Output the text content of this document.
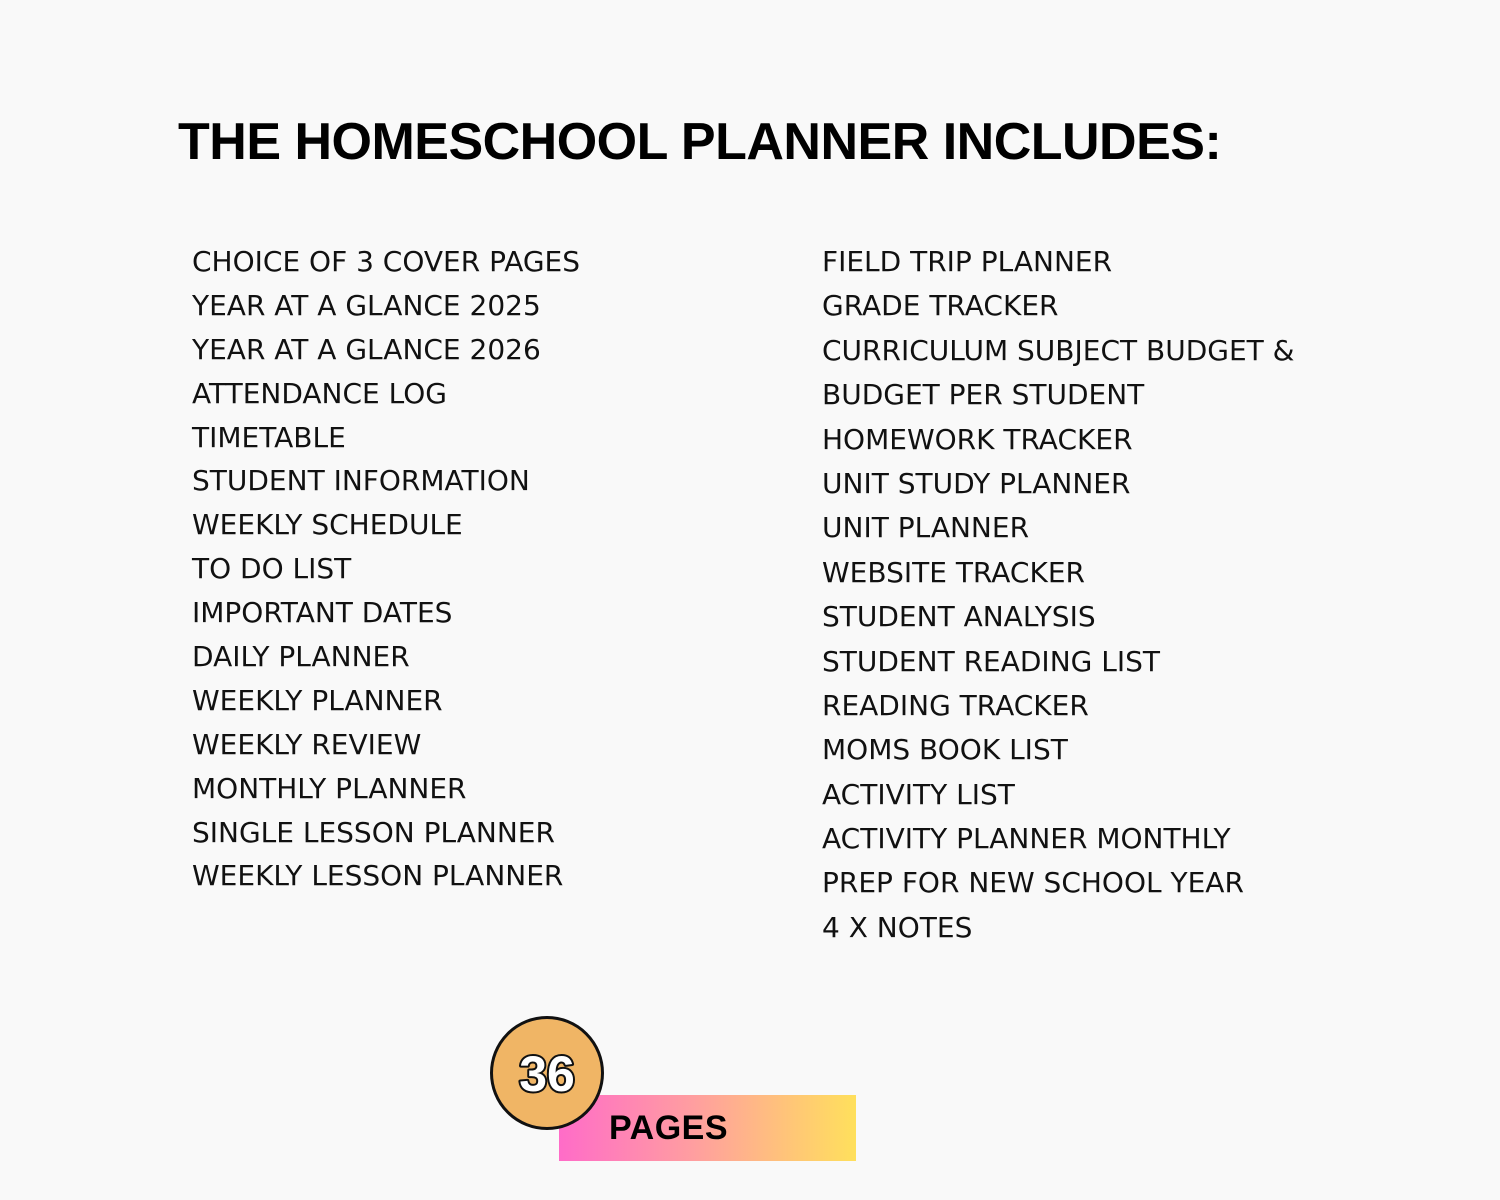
THE HOMESCHOOL PLANNER INCLUDES:
CHOICE OF 3 COVER PAGES
YEAR AT A GLANCE 2025
YEAR AT A GLANCE 2026
ATTENDANCE LOG
TIMETABLE
STUDENT INFORMATION
WEEKLY SCHEDULE
TO DO LIST
IMPORTANT DATES
DAILY PLANNER
WEEKLY PLANNER
WEEKLY REVIEW
MONTHLY PLANNER
SINGLE LESSON PLANNER
WEEKLY LESSON PLANNER
FIELD TRIP PLANNER
GRADE TRACKER
CURRICULUM SUBJECT BUDGET &
BUDGET PER STUDENT
HOMEWORK TRACKER
UNIT STUDY PLANNER
UNIT PLANNER
WEBSITE TRACKER
STUDENT ANALYSIS
STUDENT READING LIST
READING TRACKER
MOMS BOOK LIST
ACTIVITY LIST
ACTIVITY PLANNER MONTHLY
PREP FOR NEW SCHOOL YEAR
4 X NOTES
PAGES
36
